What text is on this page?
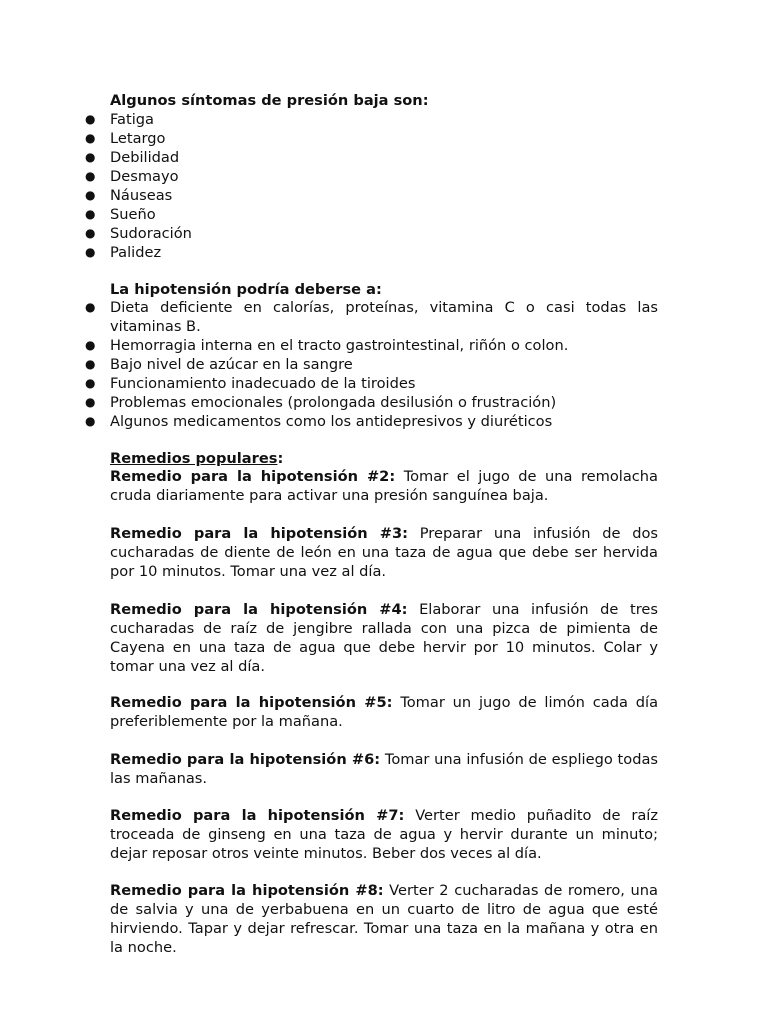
Algunos síntomas de presión baja son:
● Fatiga
● Letargo
● Debilidad
● Desmayo
● Náuseas
● Sueño
● Sudoración
● Palidez
La hipotensión podría deberse a:
● Dieta deficiente en calorías, proteínas, vitamina C o casi todas las vitaminas B.
● Hemorragia interna en el tracto gastrointestinal, riñón o colon.
● Bajo nivel de azúcar en la sangre
● Funcionamiento inadecuado de la tiroides
● Problemas emocionales (prolongada desilusión o frustración)
● Algunos medicamentos como los antidepresivos y diuréticos
Remedios populares:

Remedio para la hipotensión #2: Tomar el jugo de una remolacha cruda diariamente para activar una presión sanguínea baja.

Remedio para la hipotensión #3: Preparar una infusión de dos cucharadas de diente de león en una taza de agua que debe ser hervida por 10 minutos. Tomar una vez al día.

Remedio para la hipotensión #4: Elaborar una infusión de tres cucharadas de raíz de jengibre rallada con una pizca de pimienta de Cayena en una taza de agua que debe hervir por 10 minutos. Colar y tomar una vez al día.

Remedio para la hipotensión #5: Tomar un jugo de limón cada día preferiblemente por la mañana.

Remedio para la hipotensión #6: Tomar una infusión de espliego todas las mañanas.

Remedio para la hipotensión #7: Verter medio puñadito de raíz troceada de ginseng en una taza de agua y hervir durante un minuto; dejar reposar otros veinte minutos. Beber dos veces al día.

Remedio para la hipotensión #8: Verter 2 cucharadas de romero, una de salvia y una de yerbabuena en un cuarto de litro de agua que esté hirviendo. Tapar y dejar refrescar. Tomar una taza en la mañana y otra en la noche.
